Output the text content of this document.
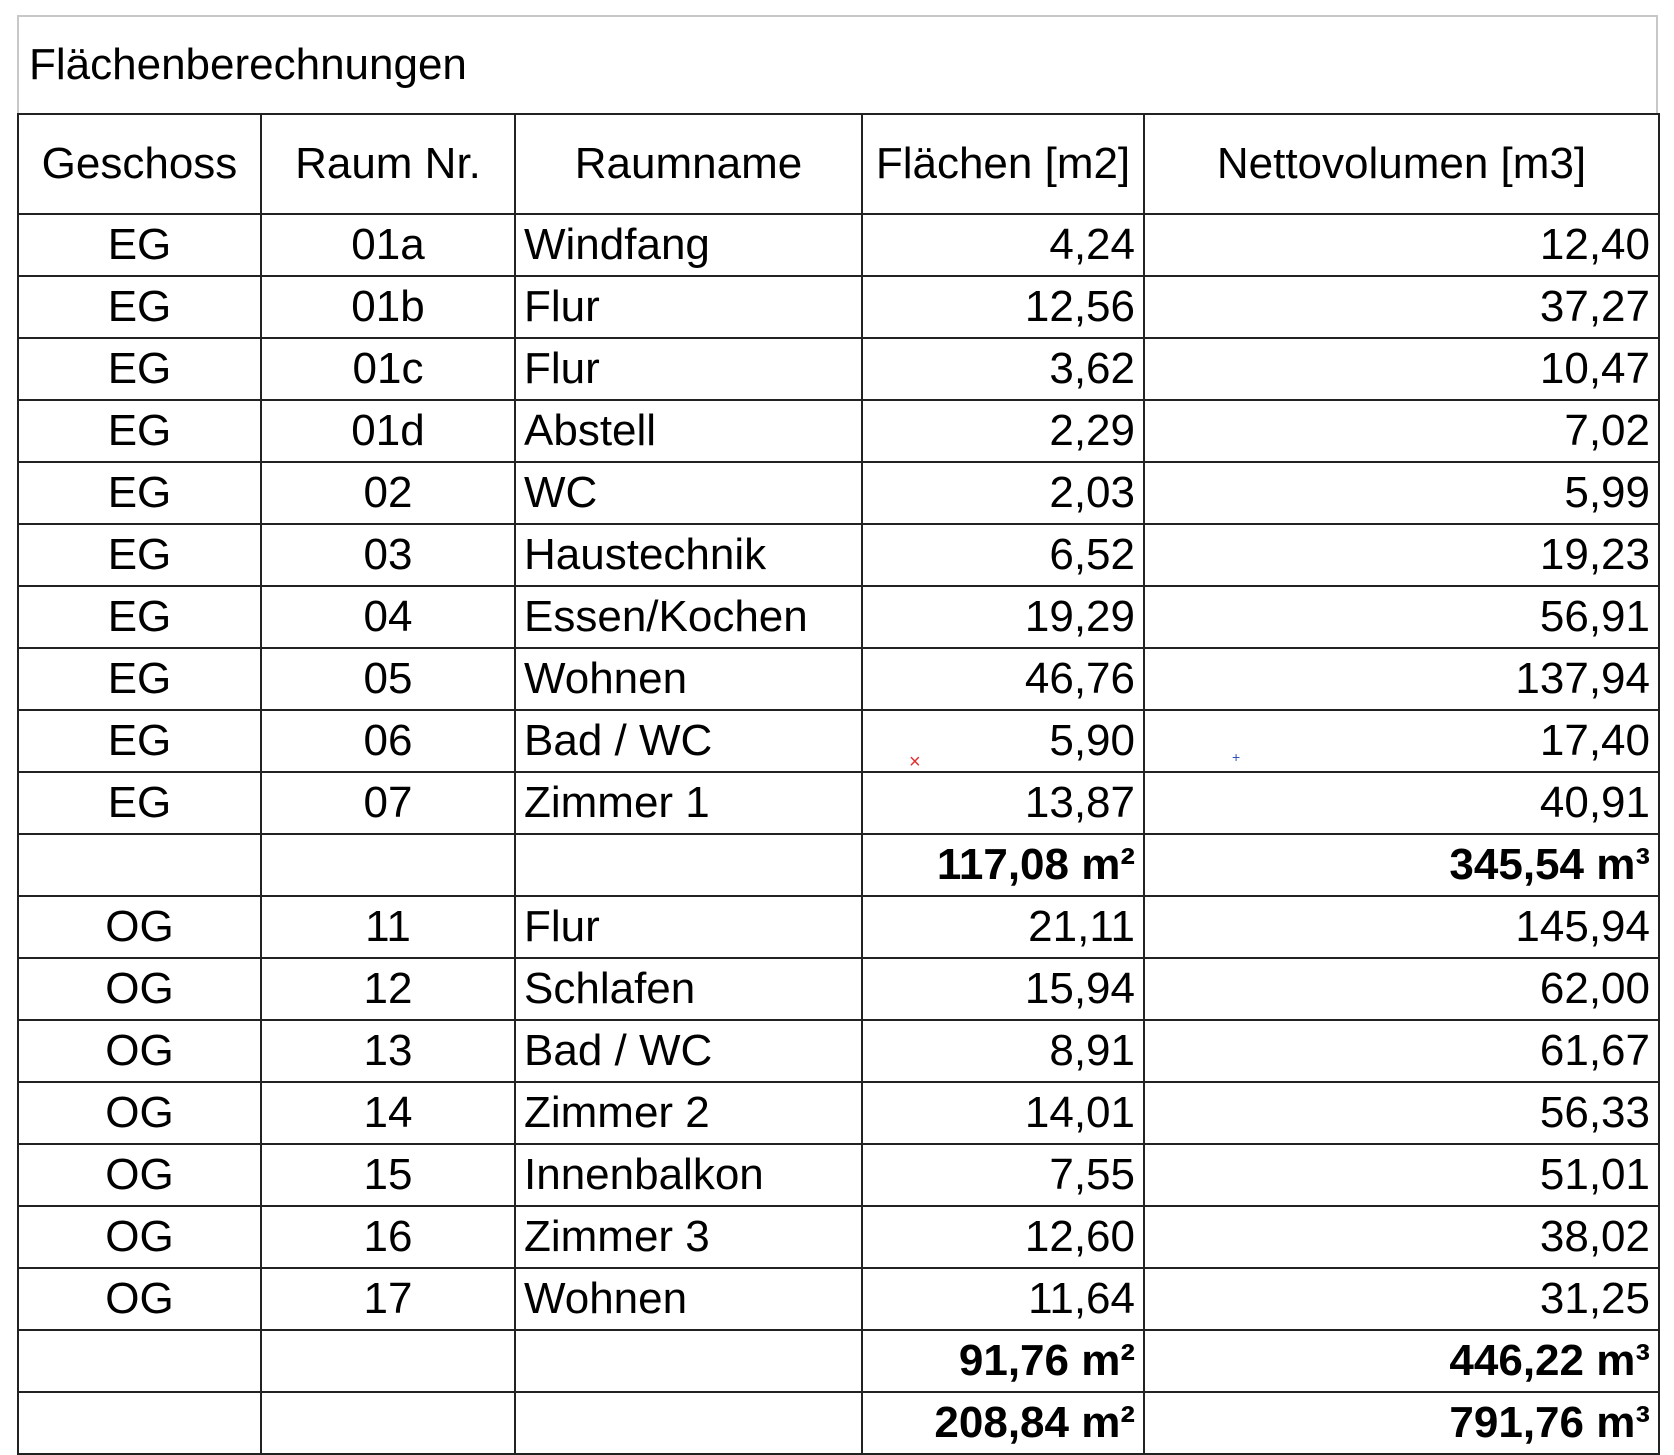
Flächenberechnungen
Geschoss	Raum Nr.	Raumname	Flächen [m2]	Nettovolumen [m3]
EG	01a	Windfang	4,24	12,40
EG	01b	Flur	12,56	37,27
EG	01c	Flur	3,62	10,47
EG	01d	Abstell	2,29	7,02
EG	02	WC	2,03	5,99
EG	03	Haustechnik	6,52	19,23
EG	04	Essen/Kochen	19,29	56,91
EG	05	Wohnen	46,76	137,94
EG	06	Bad / WC	5,90	17,40
EG	07	Zimmer 1	13,87	40,91
			117,08 m²	345,54 m³
OG	11	Flur	21,11	145,94
OG	12	Schlafen	15,94	62,00
OG	13	Bad / WC	8,91	61,67
OG	14	Zimmer 2	14,01	56,33
OG	15	Innenbalkon	7,55	51,01
OG	16	Zimmer 3	12,60	38,02
OG	17	Wohnen	11,64	31,25
			91,76 m²	446,22 m³
			208,84 m²	791,76 m³
×	+
